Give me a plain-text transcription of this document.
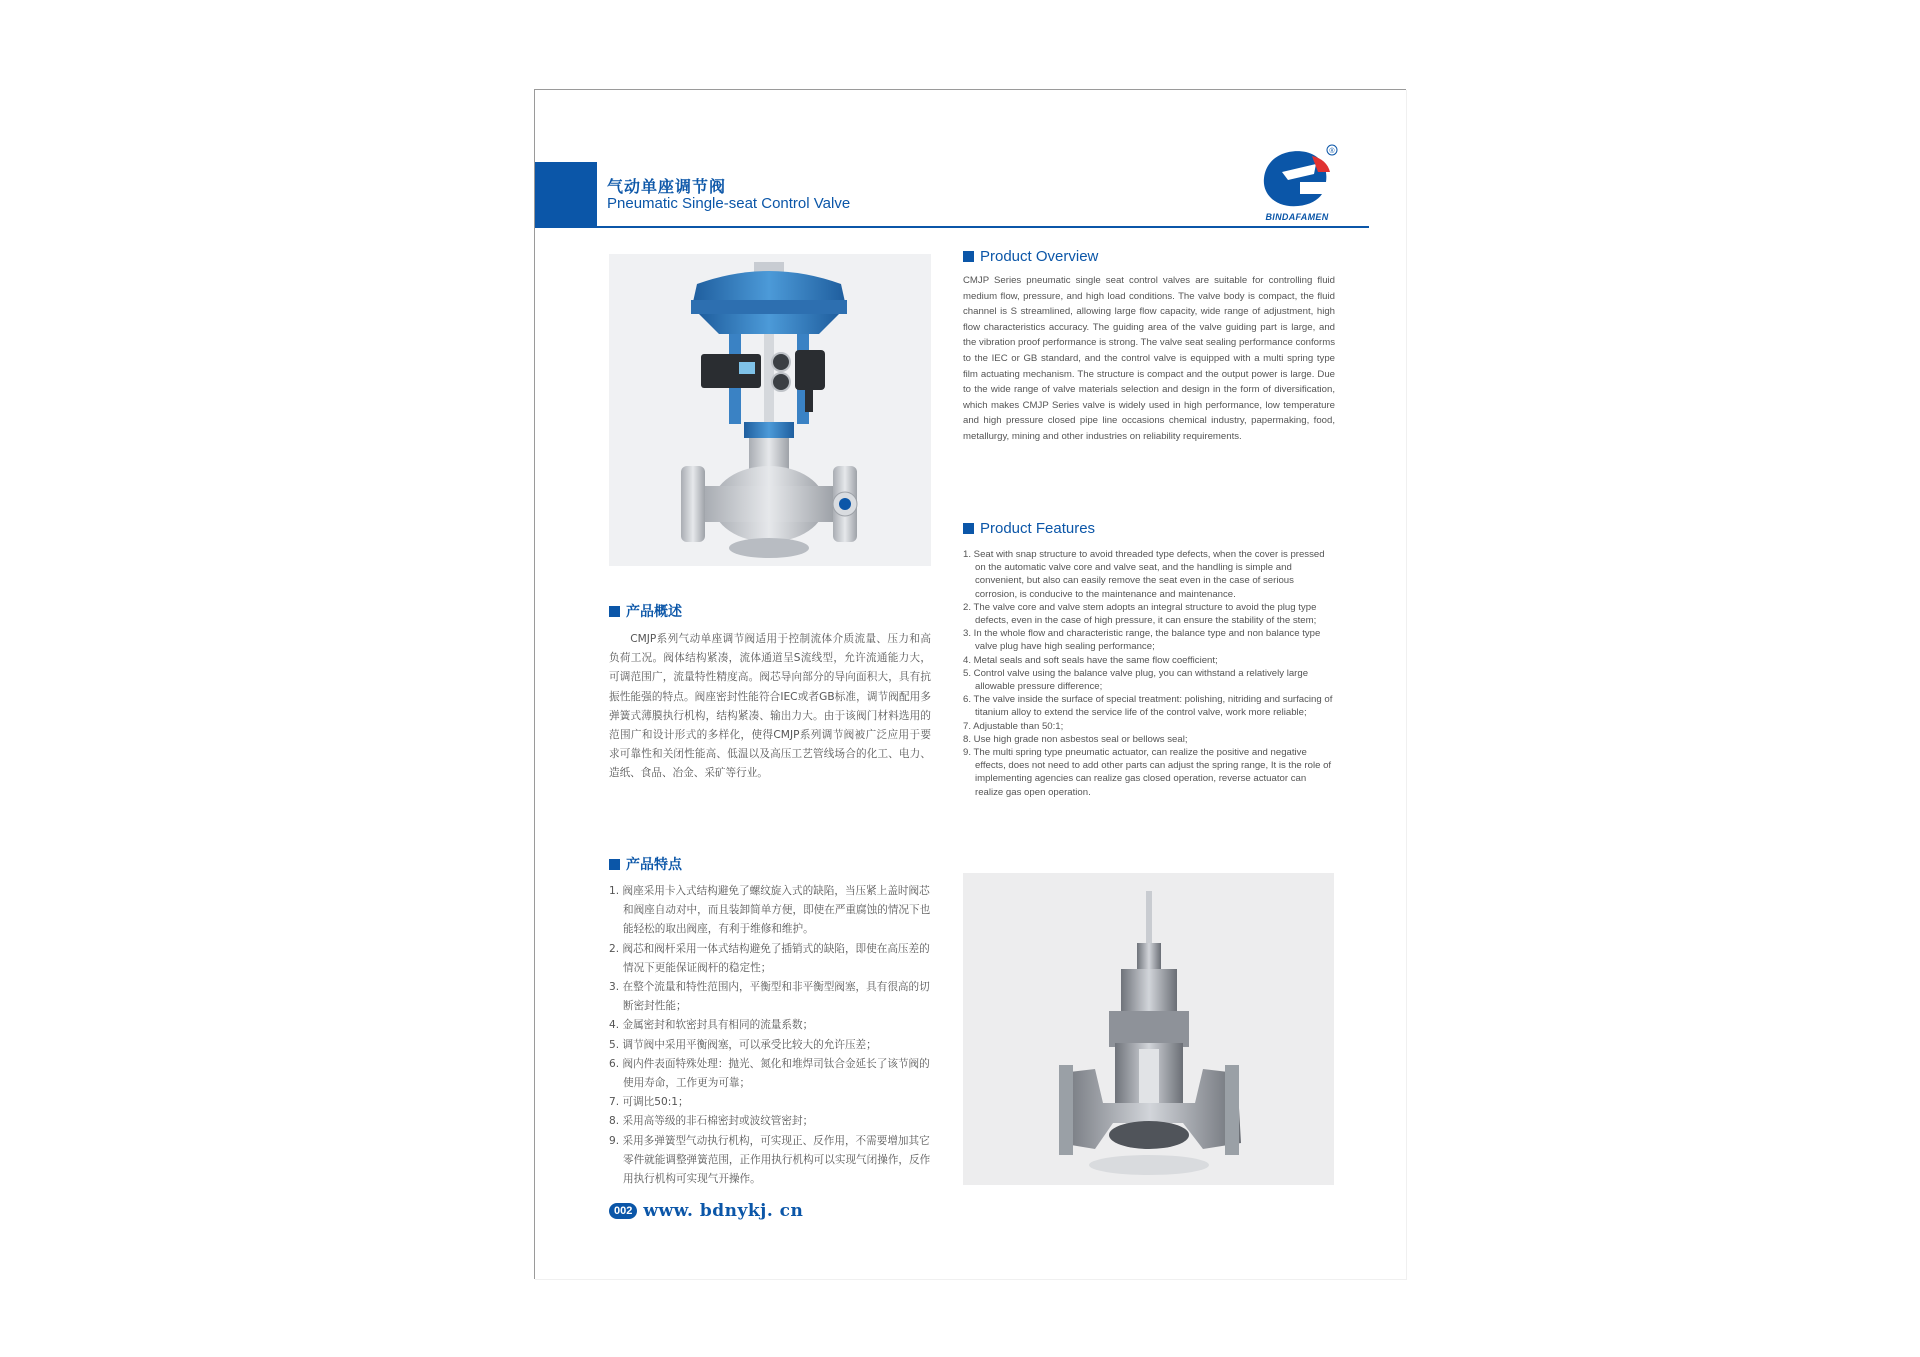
气动单座调节阀
Pneumatic Single-seat Control Valve
®
BINDAFAMEN
Product Overview
CMJP Series pneumatic single seat control valves are suitable for controlling fluid medium flow, pressure, and high load conditions. The valve body is compact, the fluid channel is S streamlined, allowing large flow capacity, wide range of adjustment, high flow characteristics accuracy. The guiding area of the valve guiding part is large, and the vibration proof performance is strong. The valve seat sealing performance conforms to the IEC or GB standard, and the control valve is equipped with a multi spring type film actuating mechanism. The structure is compact and the output power is large. Due to the wide range of valve materials selection and design in the form of diversification, which makes CMJP Series valve is widely used in high performance, low temperature and high pressure closed pipe line occasions chemical industry, papermaking, food, metallurgy, mining and other industries on reliability requirements.
Product Features
1. Seat with snap structure to avoid threaded type defects, when the cover is pressed on the automatic valve core and valve seat, and the handling is simple and convenient, but also can easily remove the seat even in the case of serious corrosion, is conducive to the maintenance and maintenance.
2. The valve core and valve stem adopts an integral structure to avoid the plug type defects, even in the case of high pressure, it can ensure the stability of the stem;
3. In the whole flow and characteristic range, the balance type and non balance type valve plug have high sealing performance;
4. Metal seals and soft seals have the same flow coefficient;
5. Control valve using the balance valve plug, you can withstand a relatively large allowable pressure difference;
6. The valve inside the surface of special treatment: polishing, nitriding and surfacing of titanium alloy to extend the service life of the control valve, work more reliable;
7. Adjustable than 50:1;
8. Use high grade non asbestos seal or bellows seal;
9. The multi spring type pneumatic actuator, can realize the positive and negative effects, does not need to add other parts can adjust the spring range, It is the role of implementing agencies can realize gas closed operation, reverse actuator can realize gas open operation.
产品概述
CMJP系列气动单座调节阀适用于控制流体介质流量、压力和高负荷工况。阀体结构紧凑，流体通道呈S流线型，允许流通能力大，可调范围广，流量特性精度高。阀芯导向部分的导向面积大，具有抗振性能强的特点。阀座密封性能符合IEC或者GB标准，调节阀配用多弹簧式薄膜执行机构，结构紧凑、输出力大。由于该阀门材料选用的范围广和设计形式的多样化，使得CMJP系列调节阀被广泛应用于要求可靠性和关闭性能高、低温以及高压工艺管线场合的化工、电力、造纸、食品、冶金、采矿等行业。
产品特点
1. 阀座采用卡入式结构避免了螺纹旋入式的缺陷，当压紧上盖时阀芯和阀座自动对中，而且装卸简单方便，即使在严重腐蚀的情况下也能轻松的取出阀座，有利于维修和维护。
2. 阀芯和阀杆采用一体式结构避免了插销式的缺陷，即使在高压差的情况下更能保证阀杆的稳定性；
3. 在整个流量和特性范围内，平衡型和非平衡型阀塞，具有很高的切断密封性能；
4. 金属密封和软密封具有相同的流量系数；
5. 调节阀中采用平衡阀塞，可以承受比较大的允许压差；
6. 阀内件表面特殊处理：抛光、氮化和堆焊司钛合金延长了该节阀的使用寿命，工作更为可靠；
7. 可调比50:1；
8. 采用高等级的非石棉密封或波纹管密封；
9. 采用多弹簧型气动执行机构，可实现正、反作用，不需要增加其它零件就能调整弹簧范围，正作用执行机构可以实现气闭操作，反作用执行机构可实现气开操作。
002 www. bdnykj. cn
